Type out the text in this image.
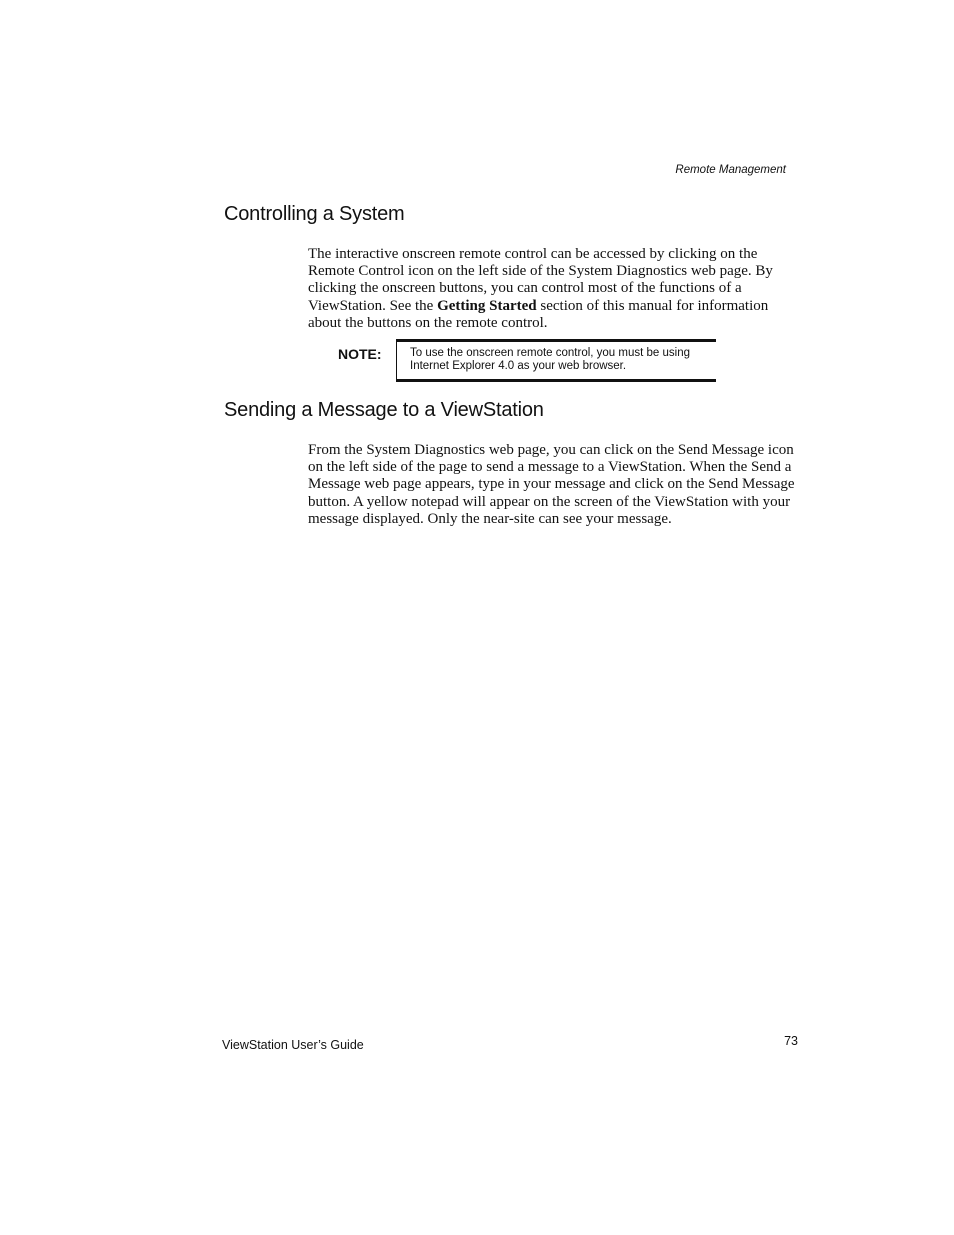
Remote Management
Controlling a System

The interactive onscreen remote control can be accessed by clicking on the Remote Control icon on the left side of the System Diagnostics web page. By clicking the onscreen buttons, you can control most of the functions of a ViewStation. See the Getting Started section of this manual for information about the buttons on the remote control.

NOTE: To use the onscreen remote control, you must be using Internet Explorer 4.0 as your web browser.

Sending a Message to a ViewStation

From the System Diagnostics web page, you can click on the Send Message icon on the left side of the page to send a message to a ViewStation. When the Send a Message web page appears, type in your message and click on the Send Message button. A yellow notepad will appear on the screen of the ViewStation with your message displayed. Only the near-site can see your message.

ViewStation User’s Guide	73
